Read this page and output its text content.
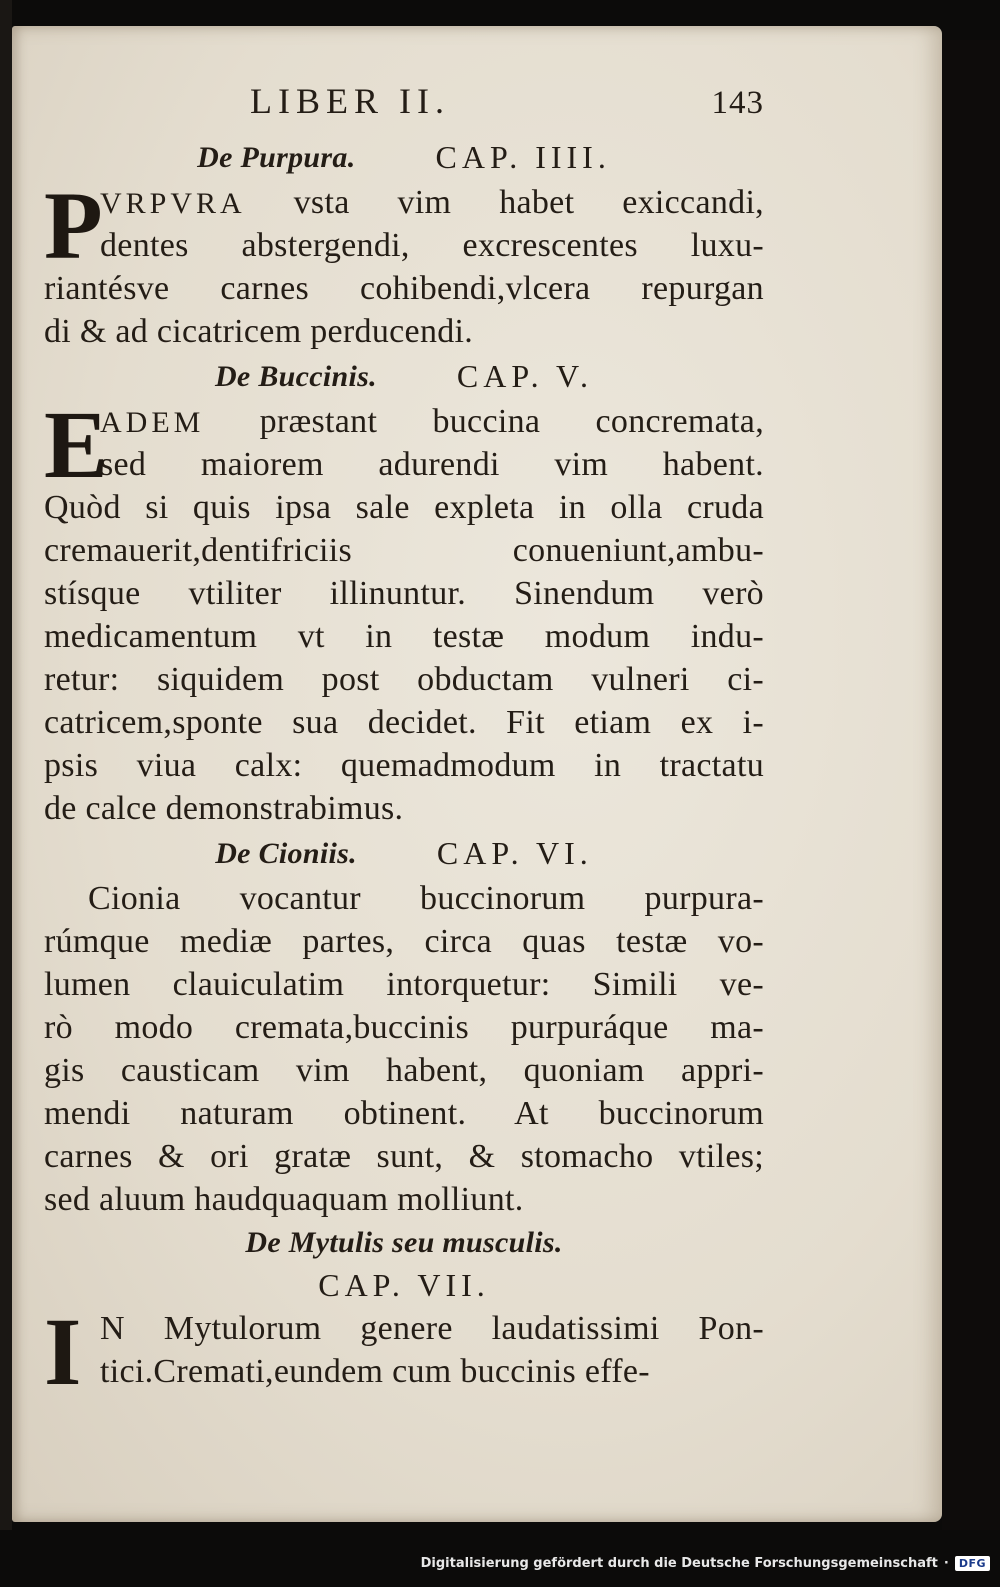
LIBER II.	143
De Purpura.	CAP. IIII.
P
VRPVRA vsta vim habet exiccandi,
dentes abstergendi, excrescentes luxu-
riantésve carnes cohibendi,vlcera repurgan
di & ad cicatricem perducendi.
De Buccinis.	CAP. V.
E
ADEM præstant buccina concremata,
sed maiorem adurendi vim habent.
Quòd si quis ipsa sale expleta in olla cruda
cremauerit,dentifriciis conueniunt,ambu-
stísque vtiliter illinuntur. Sinendum verò
medicamentum vt in testæ modum indu-
retur: siquidem post obductam vulneri ci-
catricem,sponte sua decidet. Fit etiam ex i-
psis viua calx: quemadmodum in tractatu
de calce demonstrabimus.
De Cioniis.	CAP. VI.
Cionia vocantur buccinorum purpura-
rúmque mediæ partes, circa quas testæ vo-
lumen clauiculatim intorquetur: Simili ve-
rò modo cremata,buccinis purpuráque ma-
gis causticam vim habent, quoniam appri-
mendi naturam obtinent. At buccinorum
carnes & ori gratæ sunt, & stomacho vtiles;
sed aluum haudquaquam molliunt.
De Mytulis seu musculis.
CAP. VII.
I N Mytulorum genere laudatissimi Pon-
tici.Cremati,eundem cum buccinis effe-
Digitalisierung gefördert durch die Deutsche Forschungsgemeinschaft · DFG
